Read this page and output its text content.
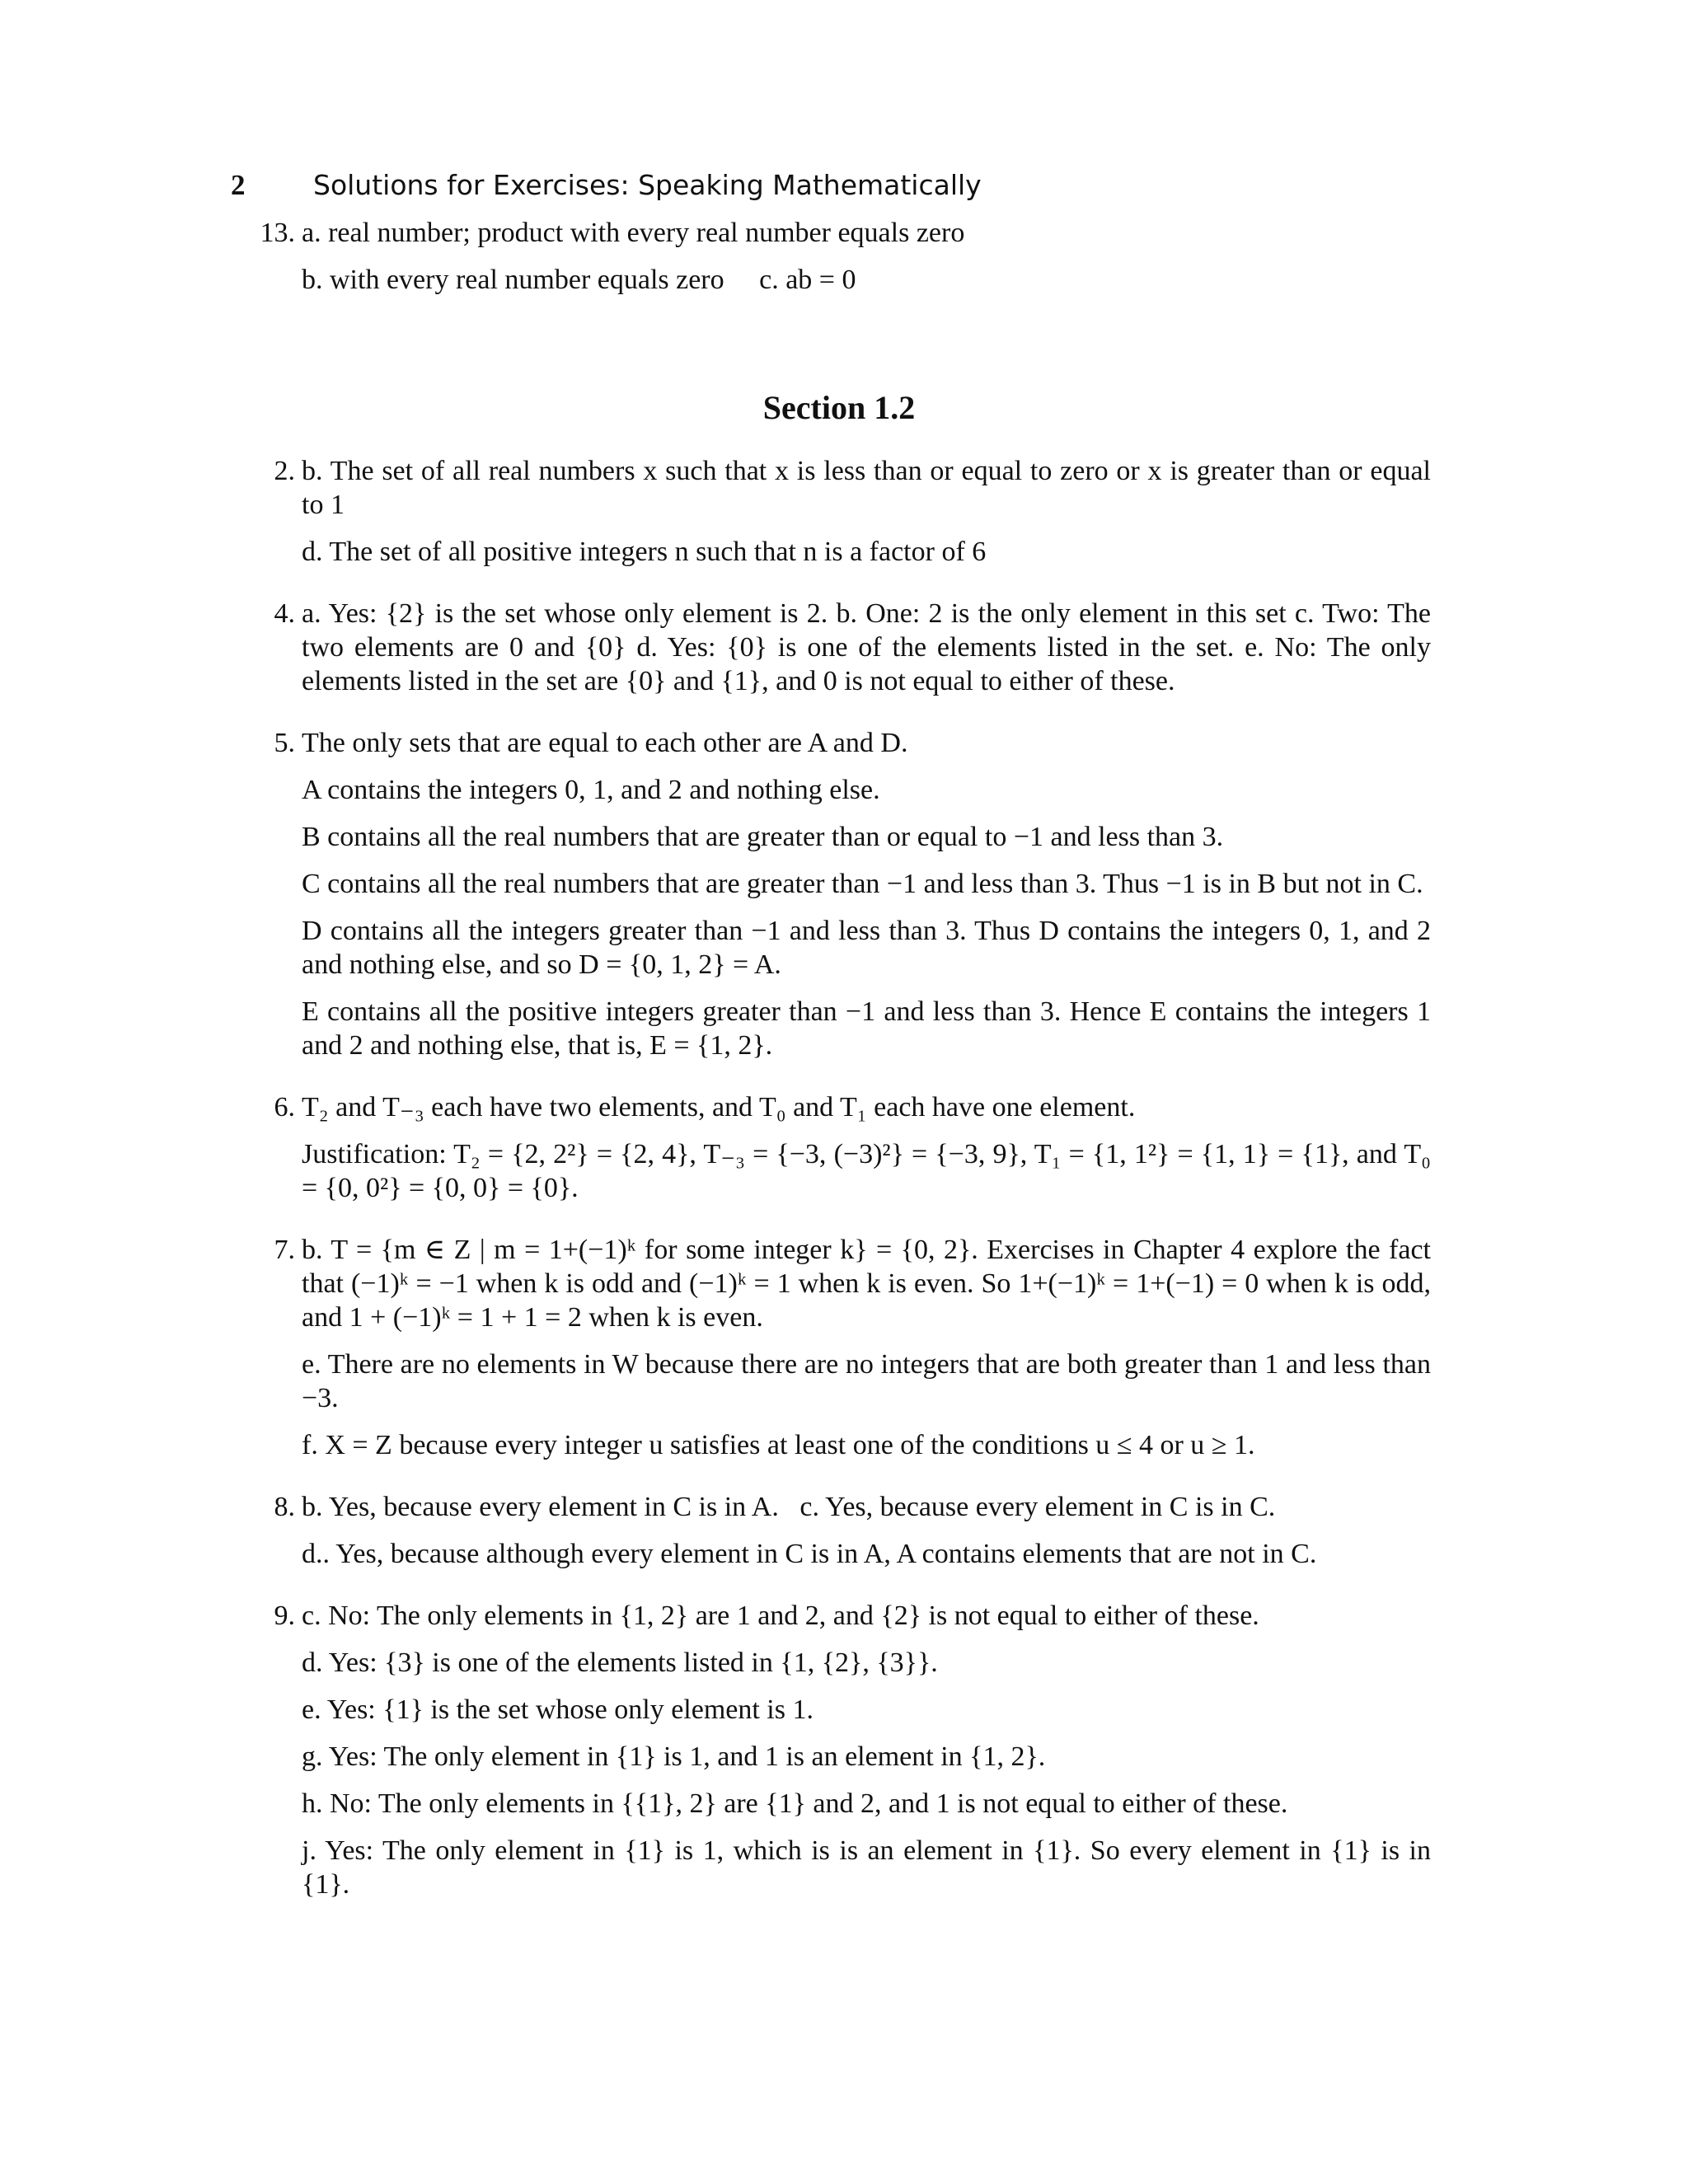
2	Solutions for Exercises: Speaking Mathematically
13. a. real number; product with every real number equals zero

b. with every real number equals zero     c. ab = 0

Section 1.2
2. b. The set of all real numbers x such that x is less than or equal to zero or x is greater than or equal to 1

d. The set of all positive integers n such that n is a factor of 6

4. a. Yes: {2} is the set whose only element is 2. b. One: 2 is the only element in this set c. Two: The two elements are 0 and {0} d. Yes: {0} is one of the elements listed in the set. e. No: The only elements listed in the set are {0} and {1}, and 0 is not equal to either of these.

5. The only sets that are equal to each other are A and D.

A contains the integers 0, 1, and 2 and nothing else.

B contains all the real numbers that are greater than or equal to −1 and less than 3.

C contains all the real numbers that are greater than −1 and less than 3. Thus −1 is in B but not in C.

D contains all the integers greater than −1 and less than 3. Thus D contains the integers 0, 1, and 2 and nothing else, and so D = {0, 1, 2} = A.

E contains all the positive integers greater than −1 and less than 3. Hence E contains the integers 1 and 2 and nothing else, that is, E = {1, 2}.

6. T₂ and T₋₃ each have two elements, and T₀ and T₁ each have one element.

Justification: T₂ = {2, 2²} = {2, 4}, T₋₃ = {−3, (−3)²} = {−3, 9}, T₁ = {1, 1²} = {1, 1} = {1}, and T₀ = {0, 0²} = {0, 0} = {0}.

7. b. T = {m ∈ Z | m = 1+(−1)ᵏ for some integer k} = {0, 2}. Exercises in Chapter 4 explore the fact that (−1)ᵏ = −1 when k is odd and (−1)ᵏ = 1 when k is even. So 1+(−1)ᵏ = 1+(−1) = 0 when k is odd, and 1 + (−1)ᵏ = 1 + 1 = 2 when k is even.

e. There are no elements in W because there are no integers that are both greater than 1 and less than −3.

f. X = Z because every integer u satisfies at least one of the conditions u ≤ 4 or u ≥ 1.

8. b. Yes, because every element in C is in A.   c. Yes, because every element in C is in C.

d.. Yes, because although every element in C is in A, A contains elements that are not in C.

9. c. No: The only elements in {1, 2} are 1 and 2, and {2} is not equal to either of these.

d. Yes: {3} is one of the elements listed in {1, {2}, {3}}.

e. Yes: {1} is the set whose only element is 1.

g. Yes: The only element in {1} is 1, and 1 is an element in {1, 2}.

h. No: The only elements in {{1}, 2} are {1} and 2, and 1 is not equal to either of these.

j. Yes: The only element in {1} is 1, which is is an element in {1}. So every element in {1} is in {1}.
